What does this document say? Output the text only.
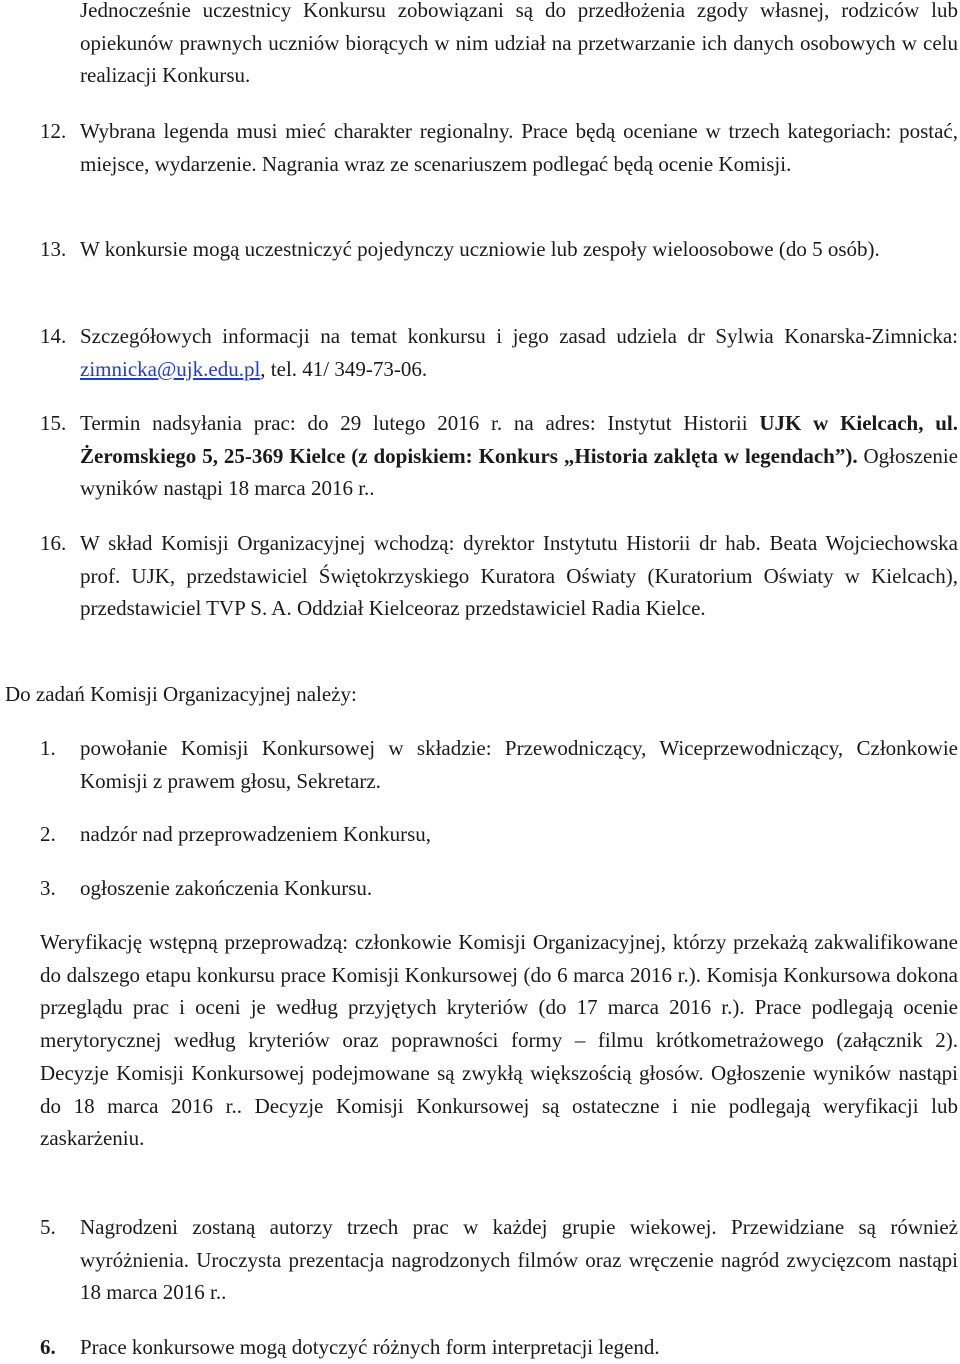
Jednocześnie uczestnicy Konkursu zobowiązani są do przedłożenia zgody własnej, rodziców lub opiekunów prawnych uczniów biorących w nim udział na przetwarzanie ich danych osobowych w celu realizacji Konkursu.

12. Wybrana legenda musi mieć charakter regionalny. Prace będą oceniane w trzech kategoriach: postać, miejsce, wydarzenie. Nagrania wraz ze scenariuszem podlegać będą ocenie Komisji.

13. W konkursie mogą uczestniczyć pojedynczy uczniowie lub zespoły wieloosobowe (do 5 osób).

14. Szczegółowych informacji na temat konkursu i jego zasad udziela dr Sylwia Konarska-Zimnicka: zimnicka@ujk.edu.pl, tel. 41/ 349-73-06.

15. Termin nadsyłania prac: do 29 lutego 2016 r. na adres: Instytut Historii UJK w Kielcach, ul. Żeromskiego 5, 25-369 Kielce (z dopiskiem: Konkurs „Historia zaklęta w legendach”). Ogłoszenie wyników nastąpi 18 marca 2016 r..

16. W skład Komisji Organizacyjnej wchodzą: dyrektor Instytutu Historii dr hab. Beata Wojciechowska prof. UJK, przedstawiciel Świętokrzyskiego Kuratora Oświaty (Kuratorium Oświaty w Kielcach), przedstawiciel TVP S. A. Oddział Kielceoraz przedstawiciel Radia Kielce.

Do zadań Komisji Organizacyjnej należy:

1.	powołanie Komisji Konkursowej w składzie: Przewodniczący, Wiceprzewodniczący, Członkowie Komisji z prawem głosu, Sekretarz.

2.	nadzór nad przeprowadzeniem Konkursu,

3.	ogłoszenie zakończenia Konkursu.

Weryfikację wstępną przeprowadzą: członkowie Komisji Organizacyjnej, którzy przekażą zakwalifikowane do dalszego etapu konkursu prace Komisji Konkursowej (do 6 marca 2016 r.). Komisja Konkursowa dokona przeglądu prac i oceni je według przyjętych kryteriów (do 17 marca 2016 r.). Prace podlegają ocenie merytorycznej według kryteriów oraz poprawności formy – filmu krótkometrażowego (załącznik 2). Decyzje Komisji Konkursowej podejmowane są zwykłą większością głosów. Ogłoszenie wyników nastąpi do 18 marca 2016 r.. Decyzje Komisji Konkursowej są ostateczne i nie podlegają weryfikacji lub zaskarżeniu.

5.	Nagrodzeni zostaną autorzy trzech prac w każdej grupie wiekowej. Przewidziane są również wyróżnienia. Uroczysta prezentacja nagrodzonych filmów oraz wręczenie nagród zwycięzcom nastąpi 18 marca 2016 r..

6.	Prace konkursowe mogą dotyczyć różnych form interpretacji legend.
